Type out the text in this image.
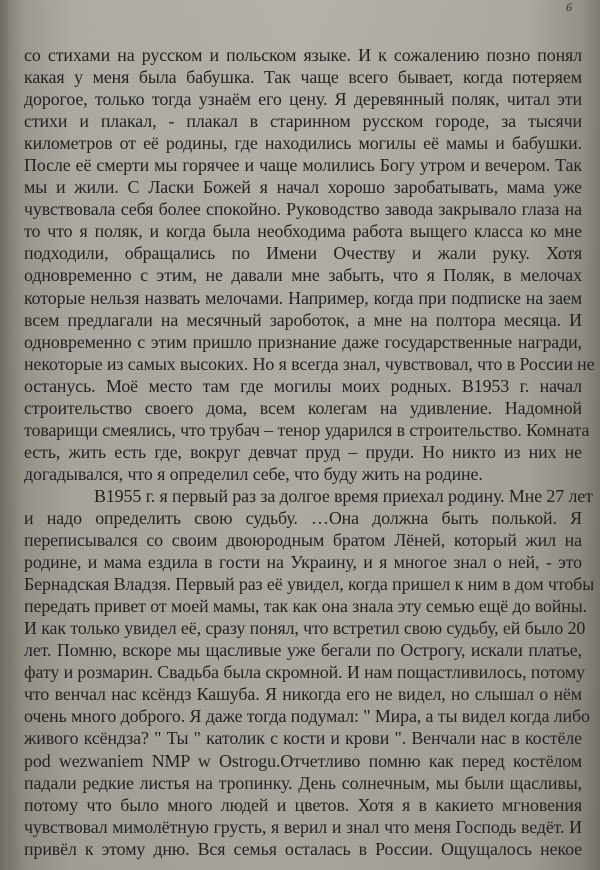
6
со стихами на русском и польском языке. И к сожалению позно понял
какая у меня была бабушка. Так чаще всего бывает, когда потеряем
дорогое, только тогда узнаём его цену. Я деревянный поляк, читал эти
стихи и плакал, - плакал в старинном русском городе, за тысячи
километров от её родины, где находились могилы её мамы и бабушки.
После её смерти мы горячее и чаще молились Богу утром и вечером. Так
мы и жили. С Ласки Божей я начал хорошо заробатывать, мама уже
чувствовала себя более спокойно. Руководство завода закрывало глаза на
то что я поляк, и когда была необходима работа выщего класса ко мне
подходили, обращались по Имени Очеству и жали руку. Хотя
одновременно с этим, не давали мне забыть, что я Поляк, в мелочах
которые нельзя назвать мелочами. Например, когда при подписке на заем
всем предлагали на месячный зароботок, а мне на полтора месяца. И
одновременно с этим пришло признание даже государственные награди,
некоторые из самых высоких. Но я всегда знал, чувствовал, что в России не
останусь. Моё место там где могилы моих родных. В1953 г. начал
строительство своего дома, всем колегам на удивление. Надомной
товарищи смеялись, что трубач – тенор ударился в строительство. Комната
есть, жить есть где, вокруг девчат пруд – пруди. Но никто из них не
догадывался, что я определил себе, что буду жить на родине.
В1955 г. я первый раз за долгое время приехал родину. Мне 27 лет
и надо определить свою судьбу. …Она должна быть полькой. Я
переписывался со своим двоюродным братом Лёней, который жил на
родине, и мама ездила в гости на Украину, и я многое знал о ней, - это
Бернадская Владзя. Первый раз её увидел, когда пришел к ним в дом чтобы
передать привет от моей мамы, так как она знала эту семью ещё до войны.
И как только увидел её, сразу понял, что встретил свою судьбу, ей было 20
лет. Помню, вскоре мы щасливые уже бегали по Острогу, искали платье,
фату и розмарин. Свадьба была скромной. И нам пощастливилось, потому
что венчал нас ксёндз Кашуба. Я никогда его не видел, но слышал о нём
очень много доброго. Я даже тогда подумал: " Мира, а ты видел когда либо
живого ксёндза? " Ты " католик с кости и крови ". Венчали нас в костёле
pod wezwaniem NMP w Ostrogu.Отчетливо помню как перед костёлом
падали редкие листья на тропинку. День солнечным, мы были щасливы,
потому что было много людей и цветов. Хотя я в какието мгновения
чувствовал мимолётную грусть, я верил и знал что меня Господь ведёт. И
привёл к этому дню. Вся семья осталась в России. Ощущалось некое
